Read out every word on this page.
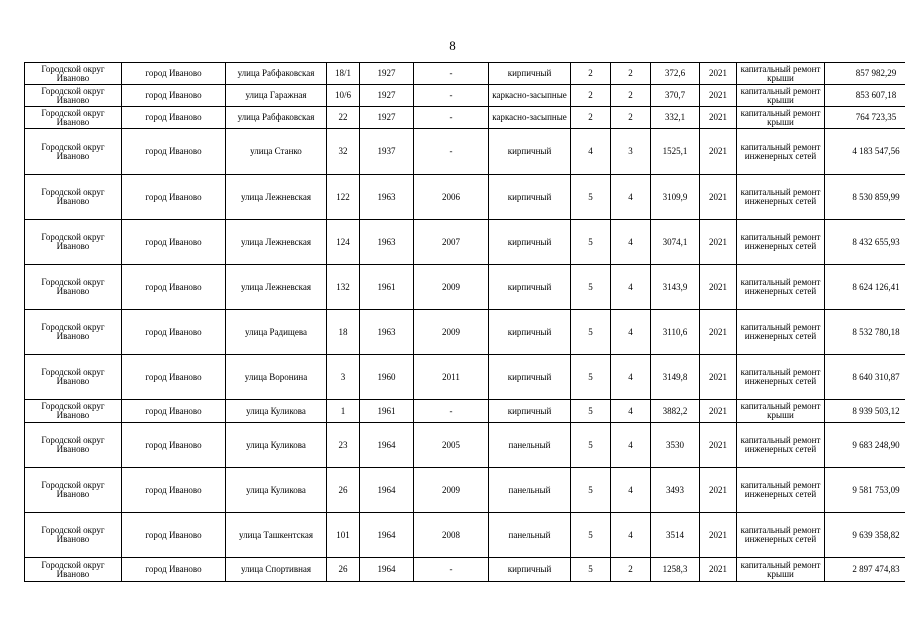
8
Городской округ Иваново	город Иваново	улица Рабфаковская	18/1	1927	-	кирпичный	2	2	372,6	2021	капитальный ремонт крыши	857 982,29
Городской округ Иваново	город Иваново	улица Гаражная	10/6	1927	-	каркасно-засыпные	2	2	370,7	2021	капитальный ремонт крыши	853 607,18
Городской округ Иваново	город Иваново	улица Рабфаковская	22	1927	-	каркасно-засыпные	2	2	332,1	2021	капитальный ремонт крыши	764 723,35
Городской округ Иваново	город Иваново	улица Станко	32	1937	-	кирпичный	4	3	1525,1	2021	капитальный ремонт инженерных сетей	4 183 547,56
Городской округ Иваново	город Иваново	улица Лежневская	122	1963	2006	кирпичный	5	4	3109,9	2021	капитальный ремонт инженерных сетей	8 530 859,99
Городской округ Иваново	город Иваново	улица Лежневская	124	1963	2007	кирпичный	5	4	3074,1	2021	капитальный ремонт инженерных сетей	8 432 655,93
Городской округ Иваново	город Иваново	улица Лежневская	132	1961	2009	кирпичный	5	4	3143,9	2021	капитальный ремонт инженерных сетей	8 624 126,41
Городской округ Иваново	город Иваново	улица Радищева	18	1963	2009	кирпичный	5	4	3110,6	2021	капитальный ремонт инженерных сетей	8 532 780,18
Городской округ Иваново	город Иваново	улица Воронина	3	1960	2011	кирпичный	5	4	3149,8	2021	капитальный ремонт инженерных сетей	8 640 310,87
Городской округ Иваново	город Иваново	улица Куликова	1	1961	-	кирпичный	5	4	3882,2	2021	капитальный ремонт крыши	8 939 503,12
Городской округ Иваново	город Иваново	улица Куликова	23	1964	2005	панельный	5	4	3530	2021	капитальный ремонт инженерных сетей	9 683 248,90
Городской округ Иваново	город Иваново	улица Куликова	26	1964	2009	панельный	5	4	3493	2021	капитальный ремонт инженерных сетей	9 581 753,09
Городской округ Иваново	город Иваново	улица Ташкентская	101	1964	2008	панельный	5	4	3514	2021	капитальный ремонт инженерных сетей	9 639 358,82
Городской округ Иваново	город Иваново	улица Спортивная	26	1964	-	кирпичный	5	2	1258,3	2021	капитальный ремонт крыши	2 897 474,83
